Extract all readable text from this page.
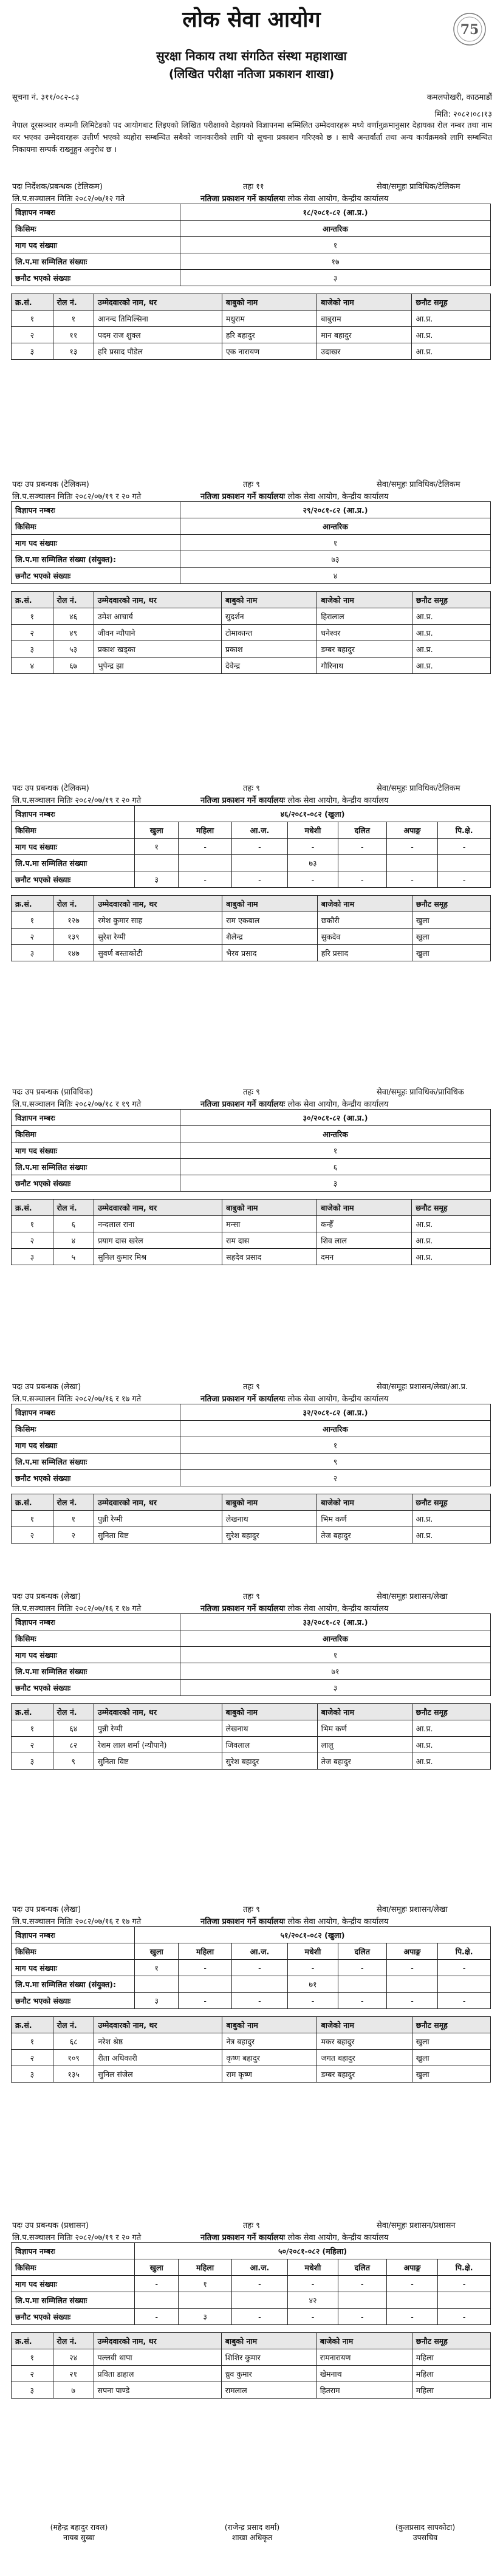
लोक सेवा आयोग
सुरक्षा निकाय तथा संगठित संस्था महाशाखा
(लिखित परीक्षा नतिजा प्रकाशन शाखा)
75
सूचना नं. ३११/०८२-८३	कमलपोखरी, काठमाडौं
मिति: २०८२।०८।१३
नेपाल दूरसञ्चार कम्पनी लिमिटेडको पद आयोगबाट लिइएको लिखित परीक्षाको देहायको विज्ञापनमा सम्मिलित उम्मेदवारहरू मध्ये वर्णानुक्रमानुसार देहायका रोल नम्बर तथा नाम थर भएका उम्मेदवारहरू उत्तीर्ण भएको व्यहोरा सम्बन्धित सबैको जानकारीको लागि यो सूचना प्रकाशन गरिएको छ । साथै अन्तर्वार्ता तथा अन्य कार्यक्रमको लागि सम्बन्धित निकायमा सम्पर्क राख्नुहुन अनुरोध छ ।
पदः निर्देशक/प्रबन्धक (टेलिकम)	तहः ११	सेवा/समूहः प्राविधिक/टेलिकम
लि.प.सञ्चालन मितिः २०८२/०७/१२ गते	नतिजा प्रकाशन गर्ने कार्यालयः लोक सेवा आयोग, केन्द्रीय कार्यालय
विज्ञापन नम्बरः	१८/२०८१-८२ (आ.प्र.)
किसिमः	आन्तरिक
माग पद संख्याः	१
लि.प.मा सम्मिलित संख्याः	१७
छनौट भएको संख्याः	३
क्र.सं.	रोल नं.	उम्मेदवारको नाम, थर	बाबुको नाम	बाजेको नाम	छनौट समूह
१	१	आनन्द तिमिल्सिना	मधुराम	बाबुराम	आ.प्र.
२	११	पदम राज शुक्ल	हरि बहादुर	मान बहादुर	आ.प्र.
३	१३	हरि प्रसाद पौडेल	एक नारायण	उदाखर	आ.प्र.
पदः उप प्रबन्धक (टेलिकम)	तहः ९	सेवा/समूहः प्राविधिक/टेलिकम
लि.प.सञ्चालन मितिः २०८२/०७/१९ र २० गते	नतिजा प्रकाशन गर्ने कार्यालयः लोक सेवा आयोग, केन्द्रीय कार्यालय
विज्ञापन नम्बरः	२९/२०८१-८२ (आ.प्र.)
किसिमः	आन्तरिक
माग पद संख्याः	१
लि.प.मा सम्मिलित संख्या (संयुक्त):	७३
छनौट भएको संख्याः	४
क्र.सं.	रोल नं.	उम्मेदवारको नाम, थर	बाबुको नाम	बाजेको नाम	छनौट समूह
१	४६	उमेश आचार्य	सुदर्शन	हिरालाल	आ.प्र.
२	४९	जीवन न्यौपाने	टोमाकान्त	धनेश्वर	आ.प्र.
३	५३	प्रकाश खड्का	प्रकाश	डम्बर बहादुर	आ.प्र.
४	६७	भुपेन्द्र झा	देवेन्द्र	गौरिनाथ	आ.प्र.
पदः उप प्रबन्धक (टेलिकम)	तहः ९	सेवा/समूहः प्राविधिक/टेलिकम
लि.प.सञ्चालन मितिः २०८२/०७/१९ र २० गते	नतिजा प्रकाशन गर्ने कार्यालयः लोक सेवा आयोग, केन्द्रीय कार्यालय
विज्ञापन नम्बरः	४६/२०८१-०८२ (खुला)						
किसिमः	खुला	महिला	आ.ज.	मधेशी	दलित	अपाङ्ग	पि.क्षे.
माग पद संख्याः	१	-	-	-	-	-	-
लि.प.मा सम्मिलित संख्याः				७३			
छनौट भएको संख्याः	३	-	-	-	-	-	-
क्र.सं.	रोल नं.	उम्मेदवारको नाम, थर	बाबुको नाम	बाजेको नाम	छनौट समूह
१	१२७	रमेश कुमार साह	राम एकबाल	छकौरी	खुला
२	१३९	सुरेश रेग्मी	शैलेन्द्र	सुकदेव	खुला
३	१४७	सुवर्ण बस्ताकोटी	भैरव प्रसाद	हरि प्रसाद	खुला
पदः उप प्रबन्धक (प्राविधिक)	तहः ९	सेवा/समूहः प्राविधिक/प्राविधिक
लि.प.सञ्चालन मितिः २०८२/०७/१८ र १९ गते	नतिजा प्रकाशन गर्ने कार्यालयः लोक सेवा आयोग, केन्द्रीय कार्यालय
विज्ञापन नम्बरः	३०/२०८१-८२ (आ.प्र.)
किसिमः	आन्तरिक
माग पद संख्याः	१
लि.प.मा सम्मिलित संख्याः	६
छनौट भएको संख्याः	३
क्र.सं.	रोल नं.	उम्मेदवारको नाम, थर	बाबुको नाम	बाजेको नाम	छनौट समूह
१	६	नन्दलाल राना	मन्सा	कन्हैँ	आ.प्र.
२	४	प्रयाग दास खरेल	राम दास	शिव लाल	आ.प्र.
३	५	सुनिल कुमार मिश्र	सहदेव प्रसाद	दमन	आ.प्र.
पदः उप प्रबन्धक (लेखा)	तहः ९	सेवा/समूहः प्रशासन/लेखा/आ.प्र.
लि.प.सञ्चालन मितिः २०८२/०७/१६ र १७ गते	नतिजा प्रकाशन गर्ने कार्यालयः लोक सेवा आयोग, केन्द्रीय कार्यालय
विज्ञापन नम्बरः	३२/२०८१-८२ (आ.प्र.)
किसिमः	आन्तरिक
माग पद संख्याः	१
लि.प.मा सम्मिलित संख्याः	९
छनौट भएको संख्याः	२
क्र.सं.	रोल नं.	उम्मेदवारको नाम, थर	बाबुको नाम	बाजेको नाम	छनौट समूह
१	१	पुन्नी रेग्मी	लेखनाथ	भिम कर्ण	आ.प्र.
२	२	सुनिता विष्ट	सुरेश बहादुर	तेज बहादुर	आ.प्र.
पदः उप प्रबन्धक (लेखा)	तहः ९	सेवा/समूहः प्रशासन/लेखा
लि.प.सञ्चालन मितिः २०८२/०७/१६ र १७ गते	नतिजा प्रकाशन गर्ने कार्यालयः लोक सेवा आयोग, केन्द्रीय कार्यालय
विज्ञापन नम्बरः	३३/२०८१-८२ (आ.प्र.)
किसिमः	आन्तरिक
माग पद संख्याः	१
लि.प.मा सम्मिलित संख्याः	७१
छनौट भएको संख्याः	३
क्र.सं.	रोल नं.	उम्मेदवारको नाम, थर	बाबुको नाम	बाजेको नाम	छनौट समूह
१	६४	पुन्नी रेग्मी	लेखनाथ	भिम कर्ण	आ.प्र.
२	८२	रेशम लाल शर्मा (न्यौपाने)	जिवलाल	लालु	आ.प्र.
३	९	सुनिता विष्ट	सुरेश बहादुर	तेज बहादुर	आ.प्र.
पदः उप प्रबन्धक (लेखा)	तहः ९	सेवा/समूहः प्रशासन/लेखा
लि.प.सञ्चालन मितिः २०८२/०७/१६ र १७ गते	नतिजा प्रकाशन गर्ने कार्यालयः लोक सेवा आयोग, केन्द्रीय कार्यालय
विज्ञापन नम्बरः	५१/२०८१-०८२ (खुला)						
किसिमः	खुला	महिला	आ.ज.	मधेशी	दलित	अपाङ्ग	पि.क्षे.
माग पद संख्याः	१	-	-	-	-	-	-
लि.प.मा सम्मिलित संख्या (संयुक्त):				७१			
छनौट भएको संख्याः	३	-	-	-	-	-	-
क्र.सं.	रोल नं.	उम्मेदवारको नाम, थर	बाबुको नाम	बाजेको नाम	छनौट समूह
१	६८	नरेश श्रेष्ठ	नेत्र बहादुर	मकर बहादुर	खुला
२	१०९	रीता अधिकारी	कृष्ण बहादुर	जगत बहादुर	खुला
३	१३५	सुनिल संजेल	राम कृष्ण	डम्बर बहादुर	खुला
पदः उप प्रबन्धक (प्रशासन)	तहः ९	सेवा/समूहः प्रशासन/प्रशासन
लि.प.सञ्चालन मितिः २०८२/०७/१९ र २० गते	नतिजा प्रकाशन गर्ने कार्यालयः लोक सेवा आयोग, केन्द्रीय कार्यालय
विज्ञापन नम्बरः	५०/२०८१-०८२ (महिला)						
किसिमः	खुला	महिला	आ.ज.	मधेशी	दलित	अपाङ्ग	पि.क्षे.
माग पद संख्याः	-	१	-	-	-	-	-
लि.प.मा सम्मिलित संख्याः				४२			
छनौट भएको संख्याः	-	३	-	-	-	-	-
क्र.सं.	रोल नं.	उम्मेदवारको नाम, थर	बाबुको नाम	बाजेको नाम	छनौट समूह
१	२४	पल्लवी थापा	शिशिर कुमार	रामनारायण	महिला
२	२१	प्रविता डाहाल	ध्रुव कुमार	खेमनाथ	महिला
३	७	सपना पाण्डे	रामलाल	हितराम	महिला
(महेन्द्र बहादुर रावल)
नायब सुब्बा
(राजेन्द्र प्रसाद शर्मा)
शाखा अधिकृत
(कुलप्रसाद सापकोटा)
उपसचिव
